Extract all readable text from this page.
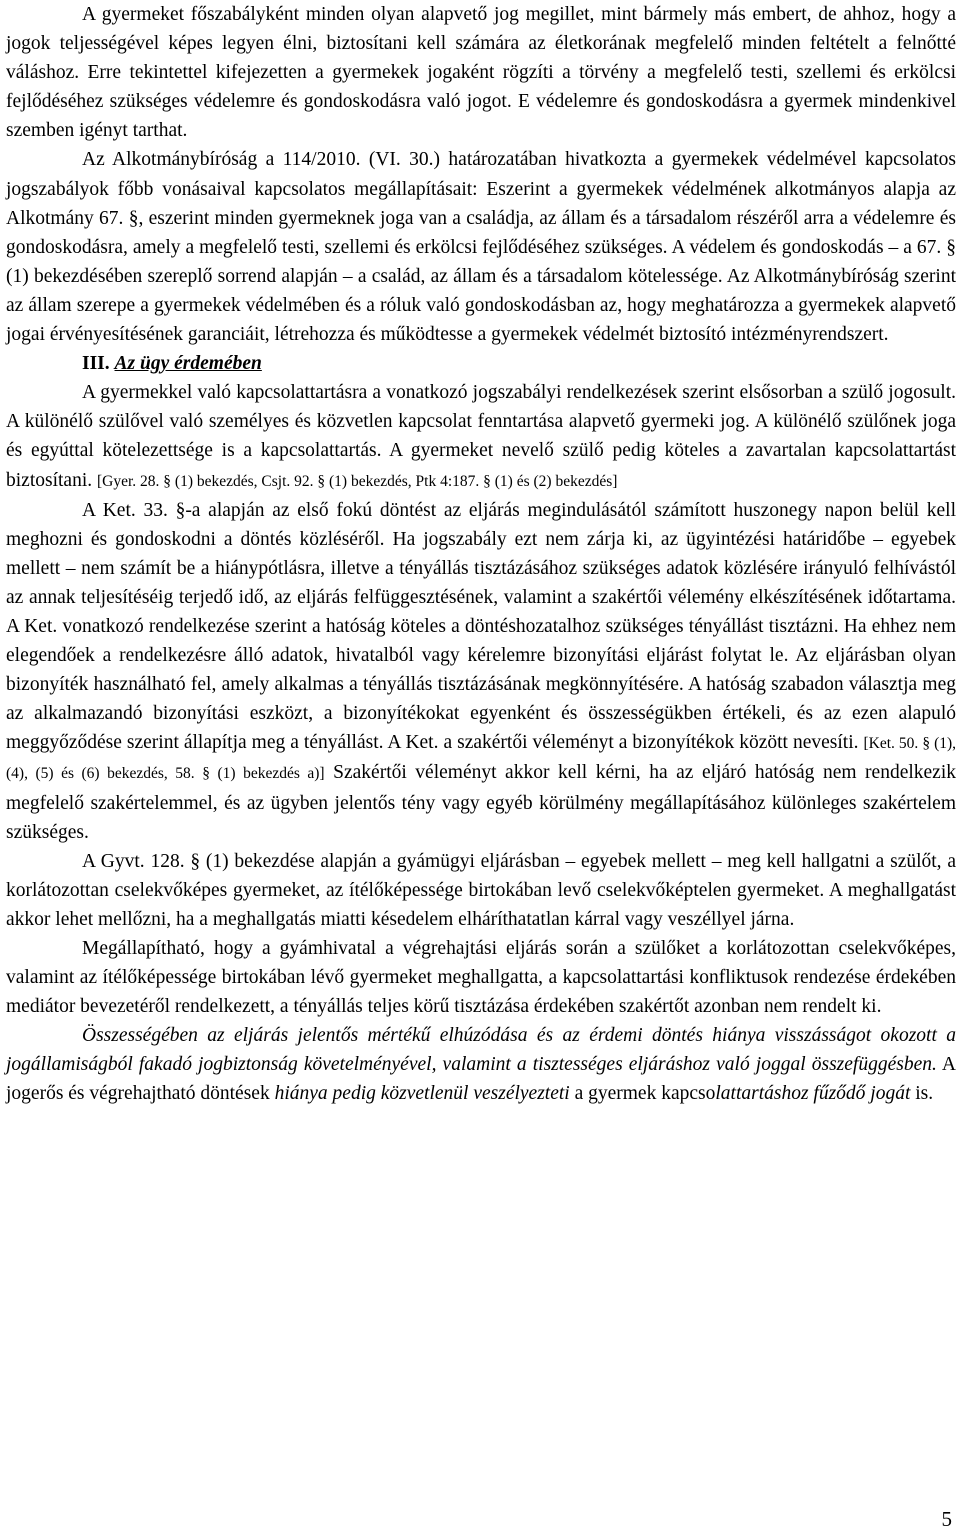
A gyermeket főszabályként minden olyan alapvető jog megillet, mint bármely más embert, de ahhoz, hogy a jogok teljességével képes legyen élni, biztosítani kell számára az életkorának megfelelő minden feltételt a felnőtté váláshoz. Erre tekintettel kifejezetten a gyermekek jogaként rögzíti a törvény a megfelelő testi, szellemi és erkölcsi fejlődéséhez szükséges védelemre és gondoskodásra való jogot. E védelemre és gondoskodásra a gyermek mindenkivel szemben igényt tarthat.

Az Alkotmánybíróság a 114/2010. (VI. 30.) határozatában hivatkozta a gyermekek védelmével kapcsolatos jogszabályok főbb vonásaival kapcsolatos megállapításait: Eszerint a gyermekek védelmének alkotmányos alapja az Alkotmány 67. §, eszerint minden gyermeknek joga van a családja, az állam és a társadalom részéről arra a védelemre és gondoskodásra, amely a megfelelő testi, szellemi és erkölcsi fejlődéséhez szükséges. A védelem és gondoskodás – a 67. § (1) bekezdésében szereplő sorrend alapján – a család, az állam és a társadalom kötelessége. Az Alkotmánybíróság szerint az állam szerepe a gyermekek védelmében és a róluk való gondoskodásban az, hogy meghatározza a gyermekek alapvető jogai érvényesítésének garanciáit, létrehozza és működtesse a gyermekek védelmét biztosító intézményrendszert.

III. Az ügy érdemében

A gyermekkel való kapcsolattartásra a vonatkozó jogszabályi rendelkezések szerint elsősorban a szülő jogosult. A különélő szülővel való személyes és közvetlen kapcsolat fenntartása alapvető gyermeki jog. A különélő szülőnek joga és egyúttal kötelezettsége is a kapcsolattartás. A gyermeket nevelő szülő pedig köteles a zavartalan kapcsolattartást biztosítani. [Gyer. 28. § (1) bekezdés, Csjt. 92. § (1) bekezdés, Ptk 4:187. § (1) és (2) bekezdés]

A Ket. 33. §-a alapján az első fokú döntést az eljárás megindulásától számított huszonegy napon belül kell meghozni és gondoskodni a döntés közléséről. Ha jogszabály ezt nem zárja ki, az ügyintézési határidőbe – egyebek mellett – nem számít be a hiánypótlásra, illetve a tényállás tisztázásához szükséges adatok közlésére irányuló felhívástól az annak teljesítéséig terjedő idő, az eljárás felfüggesztésének, valamint a szakértői vélemény elkészítésének időtartama. A Ket. vonatkozó rendelkezése szerint a hatóság köteles a döntéshozatalhoz szükséges tényállást tisztázni. Ha ehhez nem elegendőek a rendelkezésre álló adatok, hivatalból vagy kérelemre bizonyítási eljárást folytat le. Az eljárásban olyan bizonyíték használható fel, amely alkalmas a tényállás tisztázásának megkönnyítésére. A hatóság szabadon választja meg az alkalmazandó bizonyítási eszközt, a bizonyítékokat egyenként és összességükben értékeli, és az ezen alapuló meggyőződése szerint állapítja meg a tényállást. A Ket. a szakértői véleményt a bizonyítékok között nevesíti. [Ket. 50. § (1), (4), (5) és (6) bekezdés, 58. § (1) bekezdés a)] Szakértői véleményt akkor kell kérni, ha az eljáró hatóság nem rendelkezik megfelelő szakértelemmel, és az ügyben jelentős tény vagy egyéb körülmény megállapításához különleges szakértelem szükséges.

A Gyvt. 128. § (1) bekezdése alapján a gyámügyi eljárásban – egyebek mellett – meg kell hallgatni a szülőt, a korlátozottan cselekvőképes gyermeket, az ítélőképessége birtokában levő cselekvőképtelen gyermeket. A meghallgatást akkor lehet mellőzni, ha a meghallgatás miatti késedelem elháríthatatlan kárral vagy veszéllyel járna.

Megállapítható, hogy a gyámhivatal a végrehajtási eljárás során a szülőket a korlátozottan cselekvőképes, valamint az ítélőképessége birtokában lévő gyermeket meghallgatta, a kapcsolattartási konfliktusok rendezése érdekében mediátor bevezetéről rendelkezett, a tényállás teljes körű tisztázása érdekében szakértőt azonban nem rendelt ki.

Összességében az eljárás jelentős mértékű elhúzódása és az érdemi döntés hiánya visszásságot okozott a jogállamiságból fakadó jogbiztonság követelményével, valamint a tisztességes eljáráshoz való joggal összefüggésben. A jogerős és végrehajtható döntések hiánya pedig közvetlenül veszélyezteti a gyermek kapcsolattartáshoz fűződő jogát is.

5
